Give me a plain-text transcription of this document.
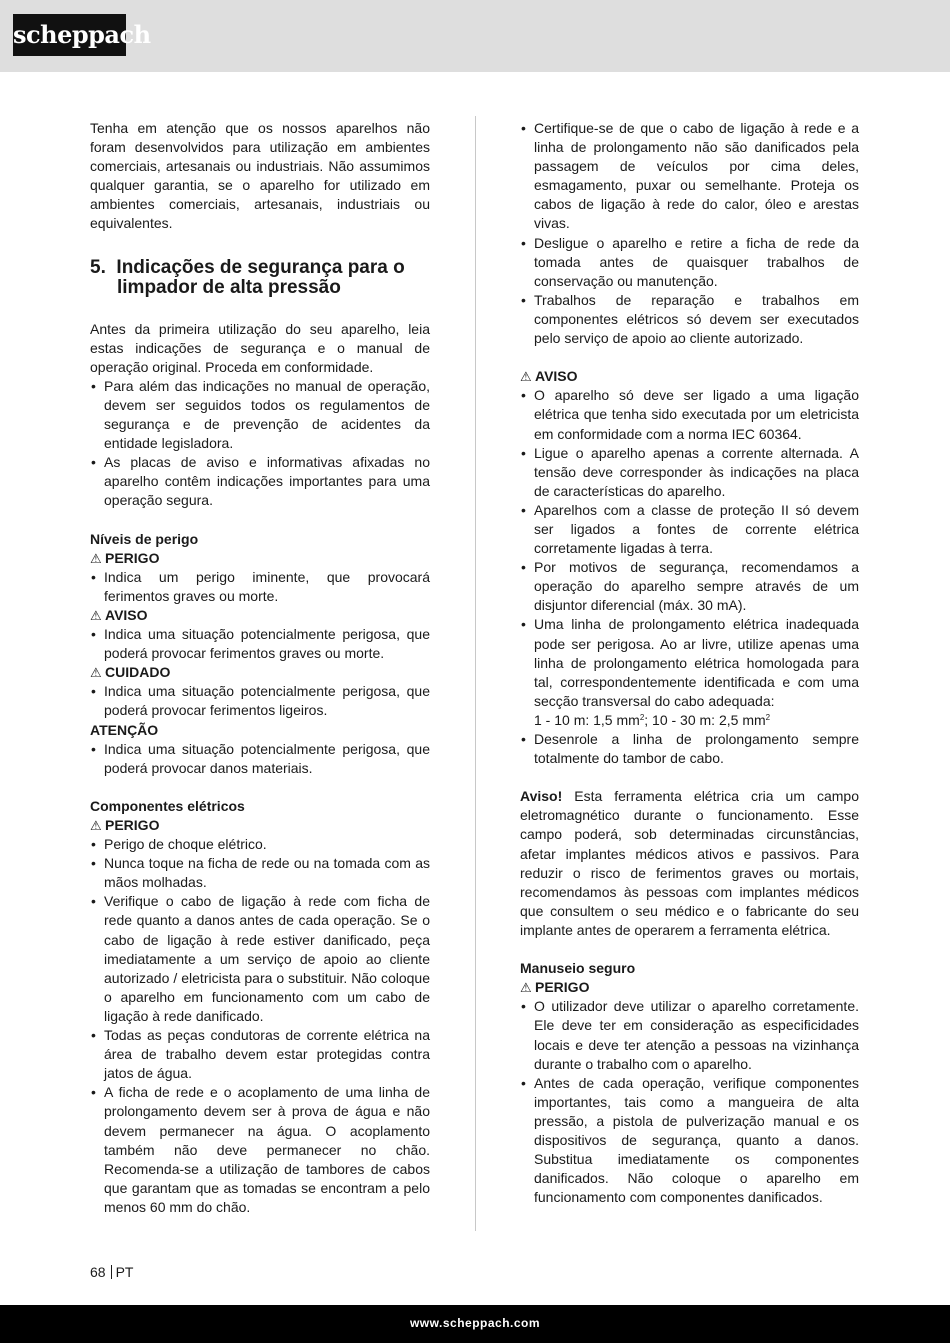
scheppach

Tenha em atenção que os nossos aparelhos não foram desenvolvidos para utilização em ambientes comerciais, artesanais ou industriais. Não assumimos qualquer garantia, se o aparelho for utilizado em ambientes comerciais, artesanais, industriais ou equivalentes.

5. Indicações de segurança para o limpador de alta pressão

Antes da primeira utilização do seu aparelho, leia estas indicações de segurança e o manual de operação original. Proceda em conformidade.

• Para além das indicações no manual de operação, devem ser seguidos todos os regulamentos de segurança e de prevenção de acidentes da entidade legisladora.
• As placas de aviso e informativas afixadas no aparelho contêm indicações importantes para uma operação segura.

Níveis de perigo

⚠ PERIGO

• Indica um perigo iminente, que provocará ferimentos graves ou morte.

⚠ AVISO

• Indica uma situação potencialmente perigosa, que poderá provocar ferimentos graves ou morte.

⚠ CUIDADO

• Indica uma situação potencialmente perigosa, que poderá provocar ferimentos ligeiros.

ATENÇÃO

• Indica uma situação potencialmente perigosa, que poderá provocar danos materiais.

Componentes elétricos

⚠ PERIGO

• Perigo de choque elétrico.
• Nunca toque na ficha de rede ou na tomada com as mãos molhadas.
• Verifique o cabo de ligação à rede com ficha de rede quanto a danos antes de cada operação. Se o cabo de ligação à rede estiver danificado, peça imediatamente a um serviço de apoio ao cliente autorizado / eletricista para o substituir. Não coloque o aparelho em funcionamento com um cabo de ligação à rede danificado.
• Todas as peças condutoras de corrente elétrica na área de trabalho devem estar protegidas contra jatos de água.
• A ficha de rede e o acoplamento de uma linha de prolongamento devem ser à prova de água e não devem permanecer na água. O acoplamento também não deve permanecer no chão. Recomenda-se a utilização de tambores de cabos que garantam que as tomadas se encontram a pelo menos 60 mm do chão.
• Certifique-se de que o cabo de ligação à rede e a linha de prolongamento não são danificados pela passagem de veículos por cima deles, esmagamento, puxar ou semelhante. Proteja os cabos de ligação à rede do calor, óleo e arestas vivas.
• Desligue o aparelho e retire a ficha de rede da tomada antes de quaisquer trabalhos de conservação ou manutenção.
• Trabalhos de reparação e trabalhos em componentes elétricos só devem ser executados pelo serviço de apoio ao cliente autorizado.

⚠ AVISO

• O aparelho só deve ser ligado a uma ligação elétrica que tenha sido executada por um eletricista em conformidade com a norma IEC 60364.
• Ligue o aparelho apenas a corrente alternada. A tensão deve corresponder às indicações na placa de características do aparelho.
• Aparelhos com a classe de proteção II só devem ser ligados a fontes de corrente elétrica corretamente ligadas à terra.
• Por motivos de segurança, recomendamos a operação do aparelho sempre através de um disjuntor diferencial (máx. 30 mA).
• Uma linha de prolongamento elétrica inadequada pode ser perigosa. Ao ar livre, utilize apenas uma linha de prolongamento elétrica homologada para tal, correspondentemente identificada e com uma secção transversal do cabo adequada:
1 - 10 m: 1,5 $mm^2$; 10 - 30 m: 2,5 $mm^2$
• Desenrole a linha de prolongamento sempre totalmente do tambor de cabo.

Aviso! Esta ferramenta elétrica cria um campo eletromagnético durante o funcionamento. Esse campo poderá, sob determinadas circunstâncias, afetar implantes médicos ativos e passivos. Para reduzir o risco de ferimentos graves ou mortais, recomendamos às pessoas com implantes médicos que consultem o seu médico e o fabricante do seu implante antes de operarem a ferramenta elétrica.

Manuseio seguro

⚠ PERIGO

• O utilizador deve utilizar o aparelho corretamente. Ele deve ter em consideração as especificidades locais e deve ter atenção a pessoas na vizinhança durante o trabalho com o aparelho.
• Antes de cada operação, verifique componentes importantes, tais como a mangueira de alta pressão, a pistola de pulverização manual e os dispositivos de segurança, quanto a danos. Substitua imediatamente os componentes danificados. Não coloque o aparelho em funcionamento com componentes danificados.
68 PT
www.scheppach.com
